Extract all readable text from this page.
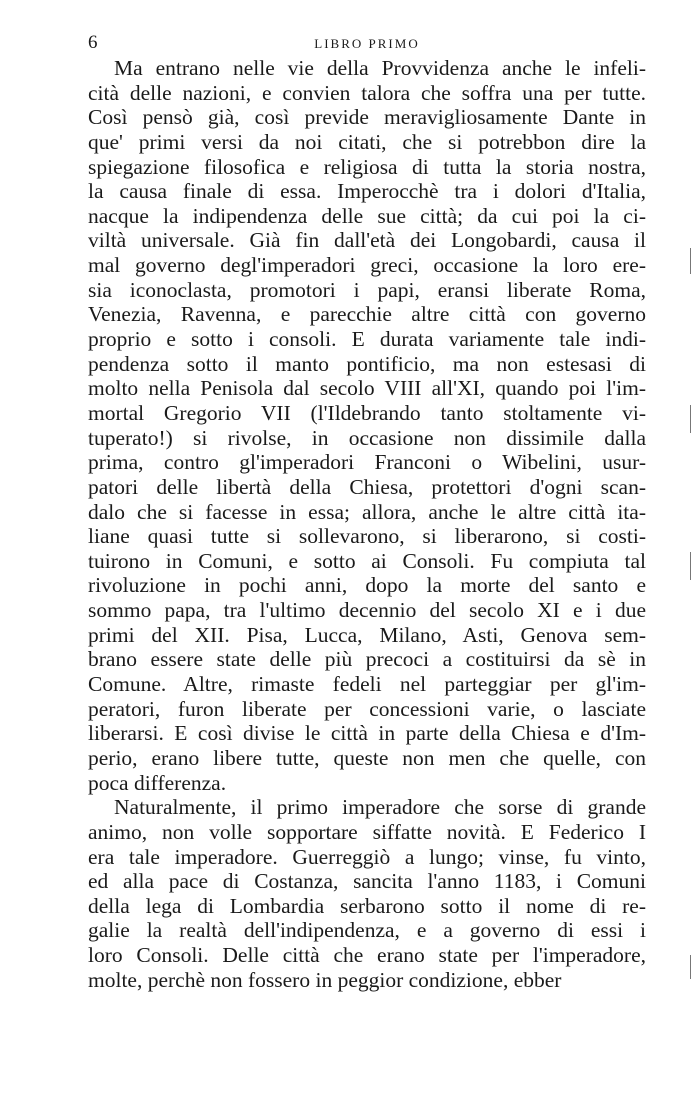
6	LIBRO PRIMO
Ma entrano nelle vie della Provvidenza anche le infeli-
cità delle nazioni, e convien talora che soffra una per tutte.
Così pensò già, così previde meravigliosamente Dante in
que' primi versi da noi citati, che si potrebbon dire la
spiegazione filosofica e religiosa di tutta la storia nostra,
la causa finale di essa. Imperocchè tra i dolori d'Italia,
nacque la indipendenza delle sue città; da cui poi la ci-
viltà universale. Già fin dall'età dei Longobardi, causa il
mal governo degl'imperadori greci, occasione la loro ere-
sia iconoclasta, promotori i papi, eransi liberate Roma,
Venezia, Ravenna, e parecchie altre città con governo
proprio e sotto i consoli. E durata variamente tale indi-
pendenza sotto il manto pontificio, ma non estesasi di
molto nella Penisola dal secolo VIII all'XI, quando poi l'im-
mortal Gregorio VII (l'Ildebrando tanto stoltamente vi-
tuperato!) si rivolse, in occasione non dissimile dalla
prima, contro gl'imperadori Franconi o Wibelini, usur-
patori delle libertà della Chiesa, protettori d'ogni scan-
dalo che si facesse in essa; allora, anche le altre città ita-
liane quasi tutte si sollevarono, si liberarono, si costi-
tuirono in Comuni, e sotto ai Consoli. Fu compiuta tal
rivoluzione in pochi anni, dopo la morte del santo e
sommo papa, tra l'ultimo decennio del secolo XI e i due
primi del XII. Pisa, Lucca, Milano, Asti, Genova sem-
brano essere state delle più precoci a costituirsi da sè in
Comune. Altre, rimaste fedeli nel parteggiar per gl'im-
peratori, furon liberate per concessioni varie, o lasciate
liberarsi. E così divise le città in parte della Chiesa e d'Im-
perio, erano libere tutte, queste non men che quelle, con
poca differenza.
Naturalmente, il primo imperadore che sorse di grande
animo, non volle sopportare siffatte novità. E Federico I
era tale imperadore. Guerreggiò a lungo; vinse, fu vinto,
ed alla pace di Costanza, sancita l'anno 1183, i Comuni
della lega di Lombardia serbarono sotto il nome di re-
galie la realtà dell'indipendenza, e a governo di essi i
loro Consoli. Delle città che erano state per l'imperadore,
molte, perchè non fossero in peggior condizione, ebber
